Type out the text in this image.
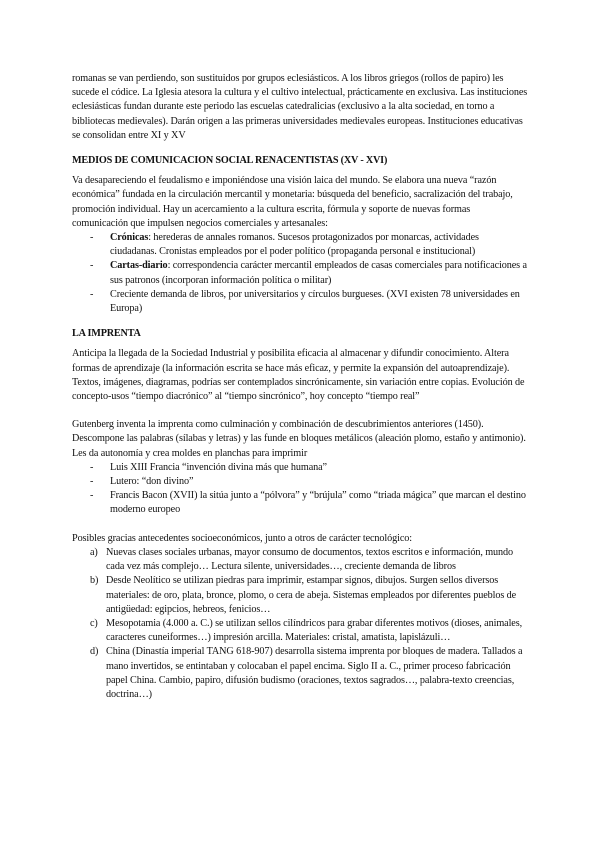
romanas se van perdiendo, son sustituidos por grupos eclesiásticos. A los libros griegos (rollos de papiro) les sucede el códice. La Iglesia atesora la cultura y el cultivo intelectual, prácticamente en exclusiva. Las instituciones eclesiásticas fundan durante este periodo las escuelas catedralicias (exclusivo a la alta sociedad, en torno a bibliotecas medievales). Darán origen a las primeras universidades medievales europeas. Instituciones educativas se consolidan entre XI y XV

MEDIOS DE COMUNICACION SOCIAL RENACENTISTAS (XV - XVI)

Va desapareciendo el feudalismo e imponiéndose una visión laica del mundo. Se elabora una nueva “razón económica” fundada en la circulación mercantil y monetaria: búsqueda del beneficio, sacralización del trabajo, promoción individual. Hay un acercamiento a la cultura escrita, fórmula y soporte de nuevas formas comunicación que impulsen negocios comerciales y artesanales:

-	Crónicas: herederas de annales romanos. Sucesos protagonizados por monarcas, actividades ciudadanas. Cronistas empleados por el poder político (propaganda personal e institucional)
-	Cartas-diario: correspondencia carácter mercantil empleados de casas comerciales para notificaciones a sus patronos (incorporan información política o militar)
-	Creciente demanda de libros, por universitarios y círculos burgueses. (XVI existen 78 universidades en Europa)

LA IMPRENTA

Anticipa la llegada de la Sociedad Industrial y posibilita eficacia al almacenar y difundir conocimiento. Altera formas de aprendizaje (la información escrita se hace más eficaz, y permite la expansión del autoaprendizaje). Textos, imágenes, diagramas, podrías ser contemplados sincrónicamente, sin variación entre copias. Evolución de concepto-usos “tiempo diacrónico” al “tiempo sincrónico”, hoy concepto “tiempo real”

Gutenberg inventa la imprenta como culminación y combinación de descubrimientos anteriores (1450). Descompone las palabras (sílabas y letras) y las funde en bloques metálicos (aleación plomo, estaño y antimonio). Les da autonomía y crea moldes en planchas para imprimir

-	Luis XIII Francia “invención divina más que humana”
-	Lutero: “don divino”
-	Francis Bacon (XVII) la sitúa junto a “pólvora” y “brújula” como “triada mágica” que marcan el destino moderno europeo

Posibles gracias antecedentes socioeconómicos, junto a otros de carácter tecnológico:

a) Nuevas clases sociales urbanas, mayor consumo de documentos, textos escritos e información, mundo cada vez más complejo… Lectura silente, universidades…, creciente demanda de libros
b) Desde Neolítico se utilizan piedras para imprimir, estampar signos, dibujos. Surgen sellos diversos materiales: de oro, plata, bronce, plomo, o cera de abeja. Sistemas empleados por diferentes pueblos de antigüedad: egipcios, hebreos, fenicios…
c) Mesopotamia (4.000 a. C.) se utilizan sellos cilíndricos para grabar diferentes motivos (dioses, animales, caracteres cuneiformes…) impresión arcilla. Materiales: cristal, amatista, lapislázuli…
d) China (Dinastía imperial TANG 618-907) desarrolla sistema imprenta por bloques de madera. Tallados a mano invertidos, se entintaban y colocaban el papel encima. Siglo II a. C., primer proceso fabricación papel China. Cambio, papiro, difusión budismo (oraciones, textos sagrados…, palabra-texto creencias, doctrina…)
